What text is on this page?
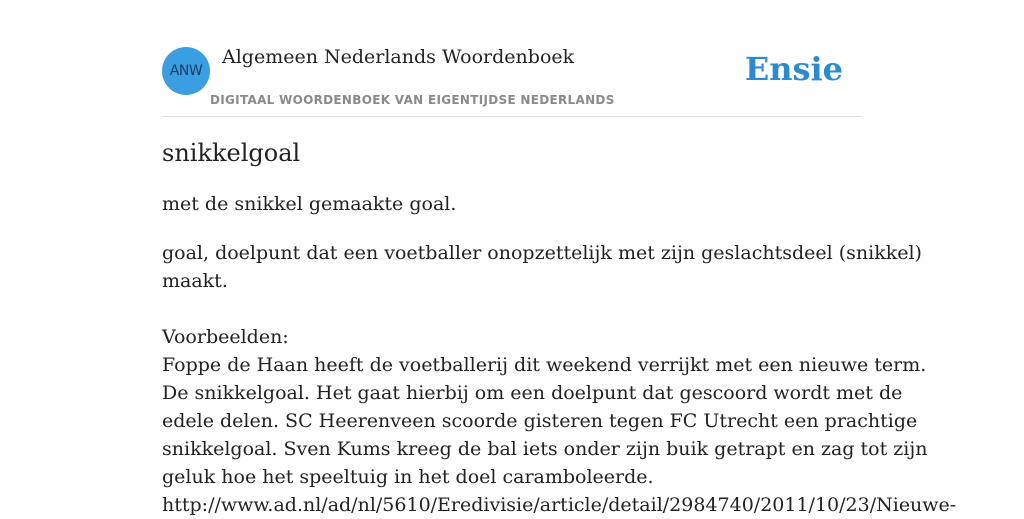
ANW
Algemeen Nederlands Woordenboek
DIGITAAL WOORDENBOEK VAN EIGENTIJDSE NEDERLANDS
Ensie
snikkelgoal
met de snikkel gemaakte goal.

goal, doelpunt dat een voetballer onopzettelijk met zijn geslachtsdeel (snikkel)

maakt.

Voorbeelden:

Foppe de Haan heeft de voetballerij dit weekend verrijkt met een nieuwe term.

De snikkelgoal. Het gaat hierbij om een doelpunt dat gescoord wordt met de

edele delen. SC Heerenveen scoorde gisteren tegen FC Utrecht een prachtige

snikkelgoal. Sven Kums kreeg de bal iets onder zijn buik getrapt en zag tot zijn

geluk hoe het speeltuig in het doel caramboleerde.

http://www.ad.nl/ad/nl/5610/Eredivisie/article/detail/2984740/2011/10/23/Nieuwe-
